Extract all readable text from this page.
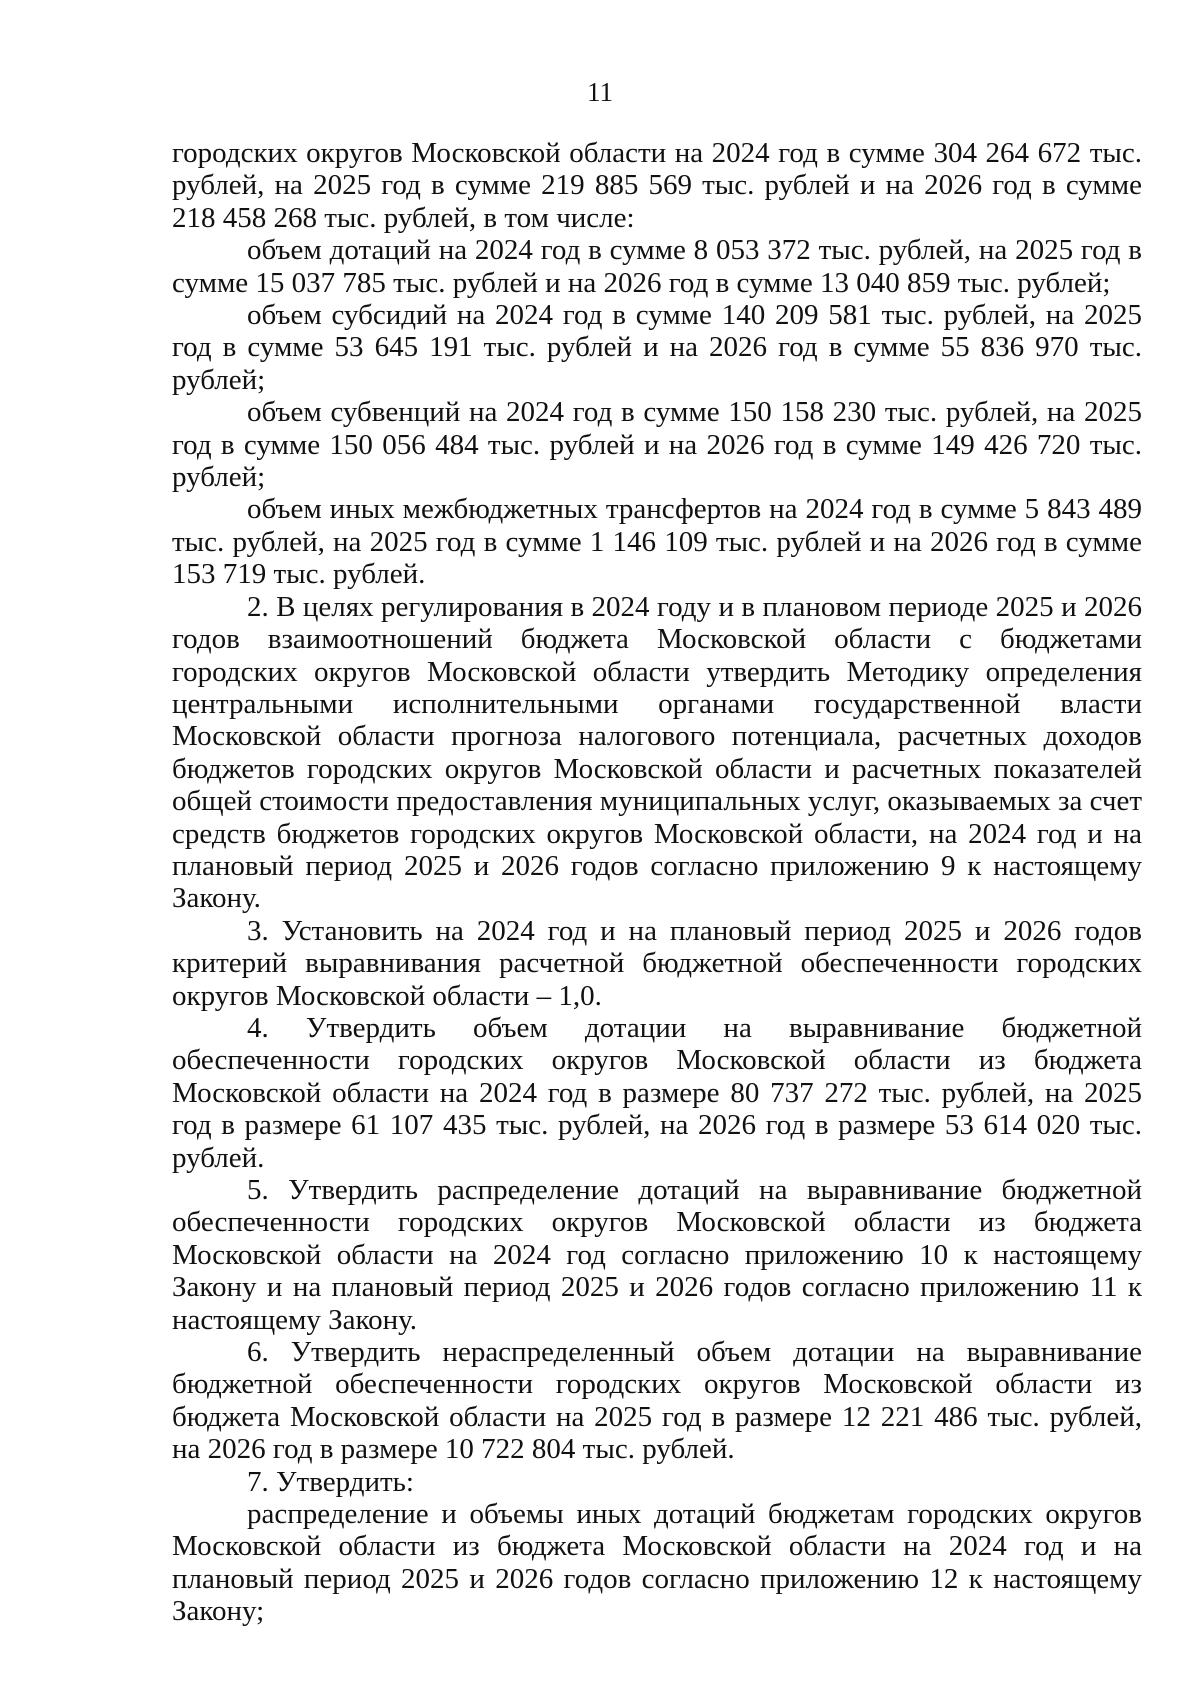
11

городских округов Московской области на 2024 год в сумме 304 264 672 тыс. рублей, на 2025 год в сумме 219 885 569 тыс. рублей и на 2026 год в сумме 218 458 268 тыс. рублей, в том числе:

объем дотаций на 2024 год в сумме 8 053 372 тыс. рублей, на 2025 год в сумме 15 037 785 тыс. рублей и на 2026 год в сумме 13 040 859 тыс. рублей;

объем субсидий на 2024 год в сумме 140 209 581 тыс. рублей, на 2025 год в сумме 53 645 191 тыс. рублей и на 2026 год в сумме 55 836 970 тыс. рублей;

объем субвенций на 2024 год в сумме 150 158 230 тыс. рублей, на 2025 год в сумме 150 056 484 тыс. рублей и на 2026 год в сумме 149 426 720 тыс. рублей;

объем иных межбюджетных трансфертов на 2024 год в сумме 5 843 489 тыс. рублей, на 2025 год в сумме 1 146 109 тыс. рублей и на 2026 год в сумме 153 719 тыс. рублей.

2. В целях регулирования в 2024 году и в плановом периоде 2025 и 2026 годов взаимоотношений бюджета Московской области с бюджетами городских округов Московской области утвердить Методику определения центральными исполнительными органами государственной власти Московской области прогноза налогового потенциала, расчетных доходов бюджетов городских округов Московской области и расчетных показателей общей стоимости предоставления муниципальных услуг, оказываемых за счет средств бюджетов городских округов Московской области, на 2024 год и на плановый период 2025 и 2026 годов согласно приложению 9 к настоящему Закону.

3. Установить на 2024 год и на плановый период 2025 и 2026 годов критерий выравнивания расчетной бюджетной обеспеченности городских округов Московской области – 1,0.

4. Утвердить объем дотации на выравнивание бюджетной обеспеченности городских округов Московской области из бюджета Московской области на 2024 год в размере 80 737 272 тыс. рублей, на 2025 год в размере 61 107 435 тыс. рублей, на 2026 год в размере 53 614 020 тыс. рублей.

5. Утвердить распределение дотаций на выравнивание бюджетной обеспеченности городских округов Московской области из бюджета Московской области на 2024 год согласно приложению 10 к настоящему Закону и на плановый период 2025 и 2026 годов согласно приложению 11 к настоящему Закону.

6. Утвердить нераспределенный объем дотации на выравнивание бюджетной обеспеченности городских округов Московской области из бюджета Московской области на 2025 год в размере 12 221 486 тыс. рублей, на 2026 год в размере 10 722 804 тыс. рублей.

7. Утвердить:

распределение и объемы иных дотаций бюджетам городских округов Московской области из бюджета Московской области на 2024 год и на плановый период 2025 и 2026 годов согласно приложению 12 к настоящему Закону;
